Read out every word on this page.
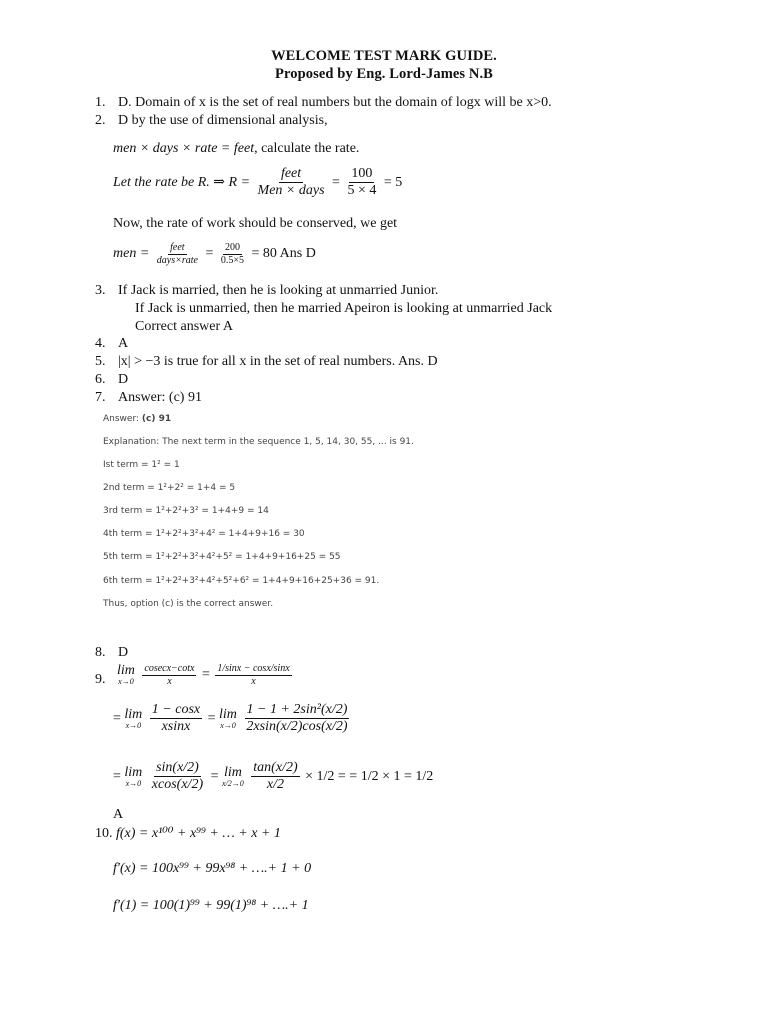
WELCOME TEST MARK GUIDE.
Proposed by Eng. Lord-James N.B
1. D. Domain of x is the set of real numbers but the domain of logx will be x>0.
2. D by the use of dimensional analysis,
men × days × rate = feet, calculate the rate.
Let the rate be R. ⇒ $R = \frac{\text{feet}}{\text{Men × days}} = \frac{100}{5 \times 4} = 5$
Now, the rate of work should be conserved, we get
men = $\frac{\text{feet}}{\text{days×rate}} = \frac{200}{0.5\times 5} = 80$ Ans D
3. If Jack is married, then he is looking at unmarried Junior.
If Jack is unmarried, then he married Apeiron is looking at unmarried Jack
Correct answer A
4. A
5. |x| > −3 is true for all x in the set of real numbers. Ans. D
6. D
7. Answer: (c) 91
Answer: (c) 91
Explanation: The next term in the sequence 1, 5, 14, 30, 55, ... is 91.
Ist term = 1² = 1
2nd term = 1²+2² = 1+4 = 5
3rd term = 1²+2²+3² = 1+4+9 = 14
4th term = 1²+2²+3²+4² = 1+4+9+16 = 30
5th term = 1²+2²+3²+4²+5² = 1+4+9+16+25 = 55
6th term = 1²+2²+3²+4²+5²+6² = 1+4+9+16+25+36 = 91.
Thus, option (c) is the correct answer.
8. D
9.
lim
x→0
$\frac{cosecx-\cot x}{x} = \frac{1/\sin x - \cos x/\sin x}{x}$
= lim
x→0
$\frac{1 - \cos x}{xsinx} = \lim$
x→0
$\frac{\text{1 − 1 + 2sin²(x/2)}}{2xsin(x/2)\cos(x/2)}$
= lim
x→0
$\frac{\sin(x/2)}{xcos(x/2)} = \lim$
x/2→0
$\frac{\tan(x/2)}{x/2} \times 1/2$ = = 1/2 × 1 = 1/2
A
10. f(x) = x¹⁰⁰ + x⁹⁹ + … + x + 1
f′(x) = 100x⁹⁹ + 99x⁹⁸ + ….+ 1 + 0
f′(1) = 100(1)⁹⁹ + 99(1)⁹⁸ + ….+ 1
